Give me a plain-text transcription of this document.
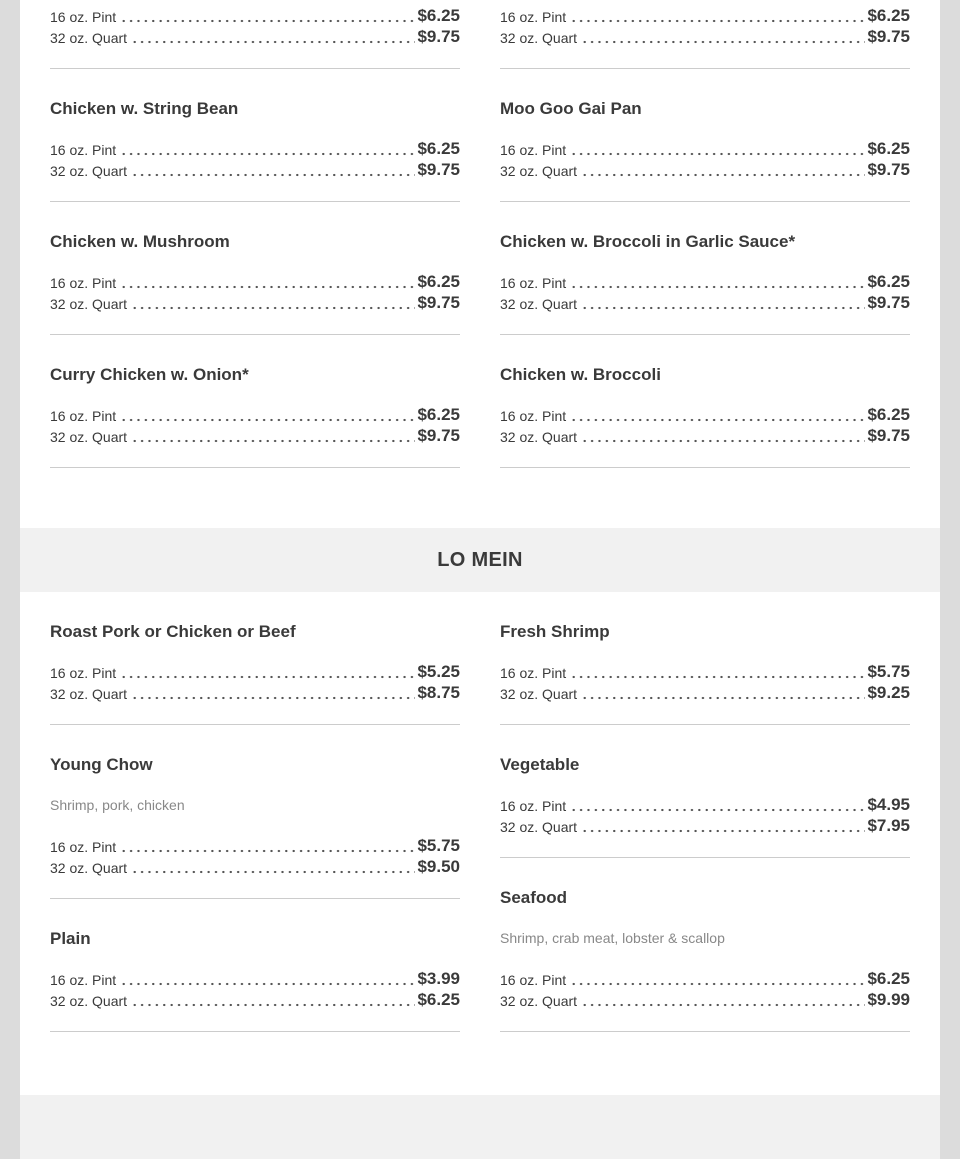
16 oz. Pint	$6.25
32 oz. Quart	$9.75
16 oz. Pint	$6.25
32 oz. Quart	$9.75
Chicken w. String Bean
16 oz. Pint	$6.25
32 oz. Quart	$9.75
Moo Goo Gai Pan
16 oz. Pint	$6.25
32 oz. Quart	$9.75
Chicken w. Mushroom
16 oz. Pint	$6.25
32 oz. Quart	$9.75
Chicken w. Broccoli in Garlic Sauce*
16 oz. Pint	$6.25
32 oz. Quart	$9.75
Curry Chicken w. Onion*
16 oz. Pint	$6.25
32 oz. Quart	$9.75
Chicken w. Broccoli
16 oz. Pint	$6.25
32 oz. Quart	$9.75
LO MEIN
Roast Pork or Chicken or Beef
16 oz. Pint	$5.25
32 oz. Quart	$8.75
Fresh Shrimp
16 oz. Pint	$5.75
32 oz. Quart	$9.25
Young Chow
Shrimp, pork, chicken
16 oz. Pint	$5.75
32 oz. Quart	$9.50
Vegetable
16 oz. Pint	$4.95
32 oz. Quart	$7.95
Plain
16 oz. Pint	$3.99
32 oz. Quart	$6.25
Seafood
Shrimp, crab meat, lobster & scallop
16 oz. Pint	$6.25
32 oz. Quart	$9.99
